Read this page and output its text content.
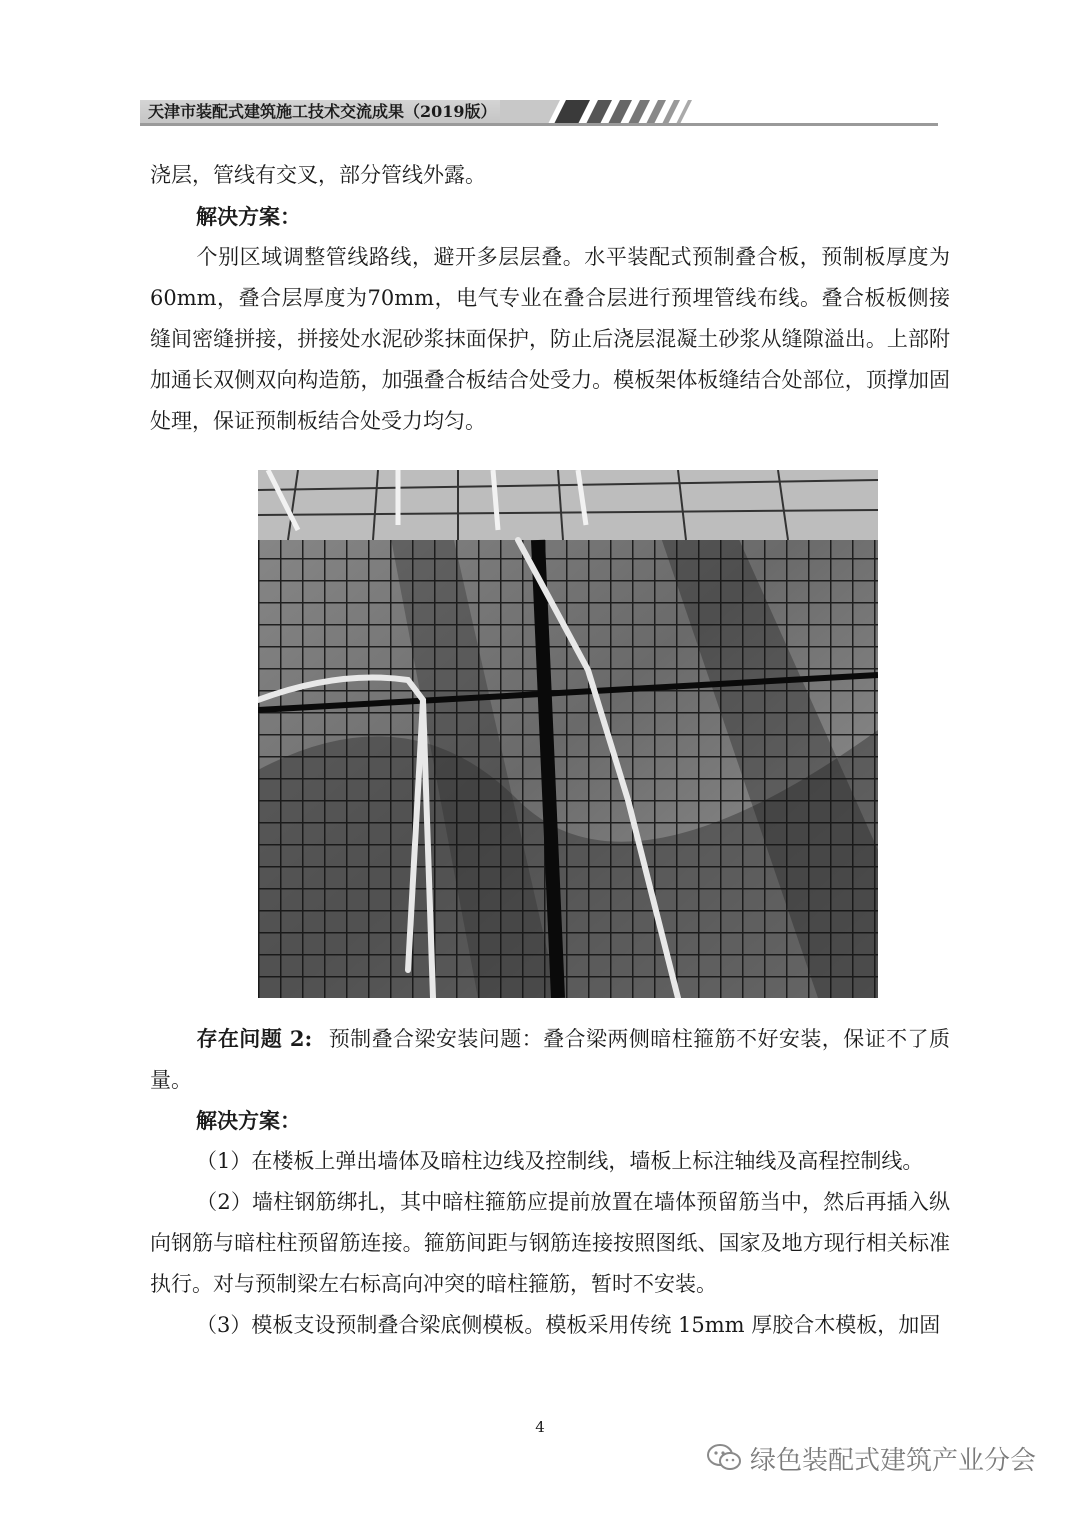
天津市装配式建筑施工技术交流成果（2019版）

浇层，管线有交叉，部分管线外露。

解决方案：

个别区域调整管线路线，避开多层层叠。水平装配式预制叠合板，预制板厚度为60mm，叠合层厚度为70mm，电气专业在叠合层进行预埋管线布线。叠合板板侧接缝间密缝拼接，拼接处水泥砂浆抹面保护，防止后浇层混凝土砂浆从缝隙溢出。上部附加通长双侧双向构造筋，加强叠合板结合处受力。模板架体板缝结合处部位，顶撑加固处理，保证预制板结合处受力均匀。

存在问题 2: 预制叠合梁安装问题：叠合梁两侧暗柱箍筋不好安装，保证不了质量。

解决方案：

（1）在楼板上弹出墙体及暗柱边线及控制线，墙板上标注轴线及高程控制线。

（2）墙柱钢筋绑扎，其中暗柱箍筋应提前放置在墙体预留筋当中，然后再插入纵向钢筋与暗柱柱预留筋连接。箍筋间距与钢筋连接按照图纸、国家及地方现行相关标准执行。对与预制梁左右标高向冲突的暗柱箍筋，暂时不安装。

（3）模板支设预制叠合梁底侧模板。模板采用传统 15mm 厚胶合木模板，加固

4
绿色装配式建筑产业分会
